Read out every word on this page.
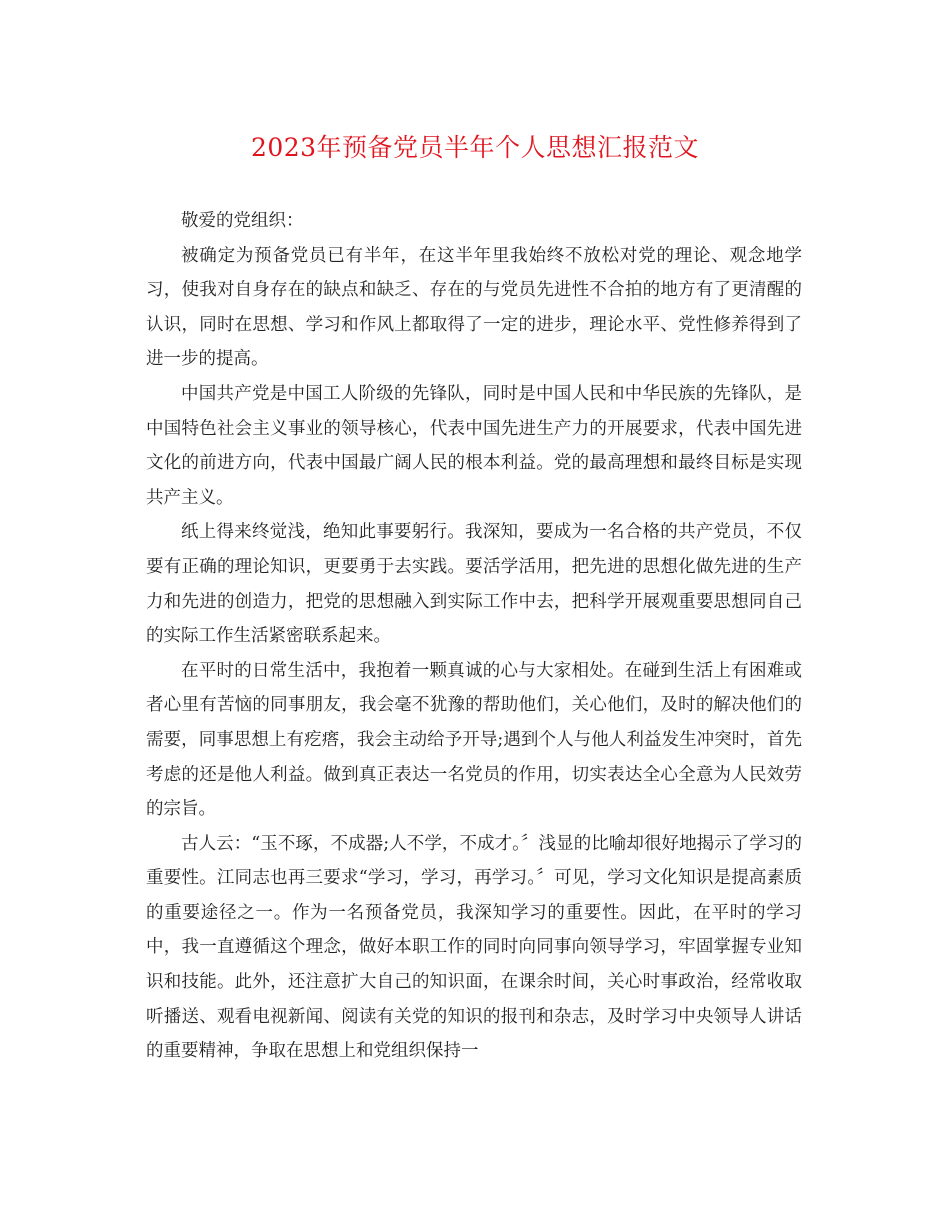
2023年预备党员半年个人思想汇报范文

敬爱的党组织：

被确定为预备党员已有半年，在这半年里我始终不放松对党的理论、观念地学习，使我对自身存在的缺点和缺乏、存在的与党员先进性不合拍的地方有了更清醒的认识，同时在思想、学习和作风上都取得了一定的进步，理论水平、党性修养得到了进一步的提高。

中国共产党是中国工人阶级的先锋队，同时是中国人民和中华民族的先锋队，是中国特色社会主义事业的领导核心，代表中国先进生产力的开展要求，代表中国先进文化的前进方向，代表中国最广阔人民的根本利益。党的最高理想和最终目标是实现共产主义。

纸上得来终觉浅，绝知此事要躬行。我深知，要成为一名合格的共产党员，不仅要有正确的理论知识，更要勇于去实践。要活学活用，把先进的思想化做先进的生产力和先进的创造力，把党的思想融入到实际工作中去，把科学开展观重要思想同自己的实际工作生活紧密联系起来。

在平时的日常生活中，我抱着一颗真诚的心与大家相处。在碰到生活上有困难或者心里有苦恼的同事朋友，我会毫不犹豫的帮助他们，关心他们，及时的解决他们的需要，同事思想上有疙瘩，我会主动给予开导;遇到个人与他人利益发生冲突时，首先考虑的还是他人利益。做到真正表达一名党员的作用，切实表达全心全意为人民效劳的宗旨。

古人云：“玉不琢，不成器;人不学，不成才。〞浅显的比喻却很好地揭示了学习的重要性。江同志也再三要求“学习，学习，再学习。〞可见，学习文化知识是提高素质的重要途径之一。作为一名预备党员，我深知学习的重要性。因此，在平时的学习中，我一直遵循这个理念，做好本职工作的同时向同事向领导学习，牢固掌握专业知识和技能。此外，还注意扩大自己的知识面，在课余时间，关心时事政治，经常收取听播送、观看电视新闻、阅读有关党的知识的报刊和杂志，及时学习中央领导人讲话的重要精神，争取在思想上和党组织保持一
